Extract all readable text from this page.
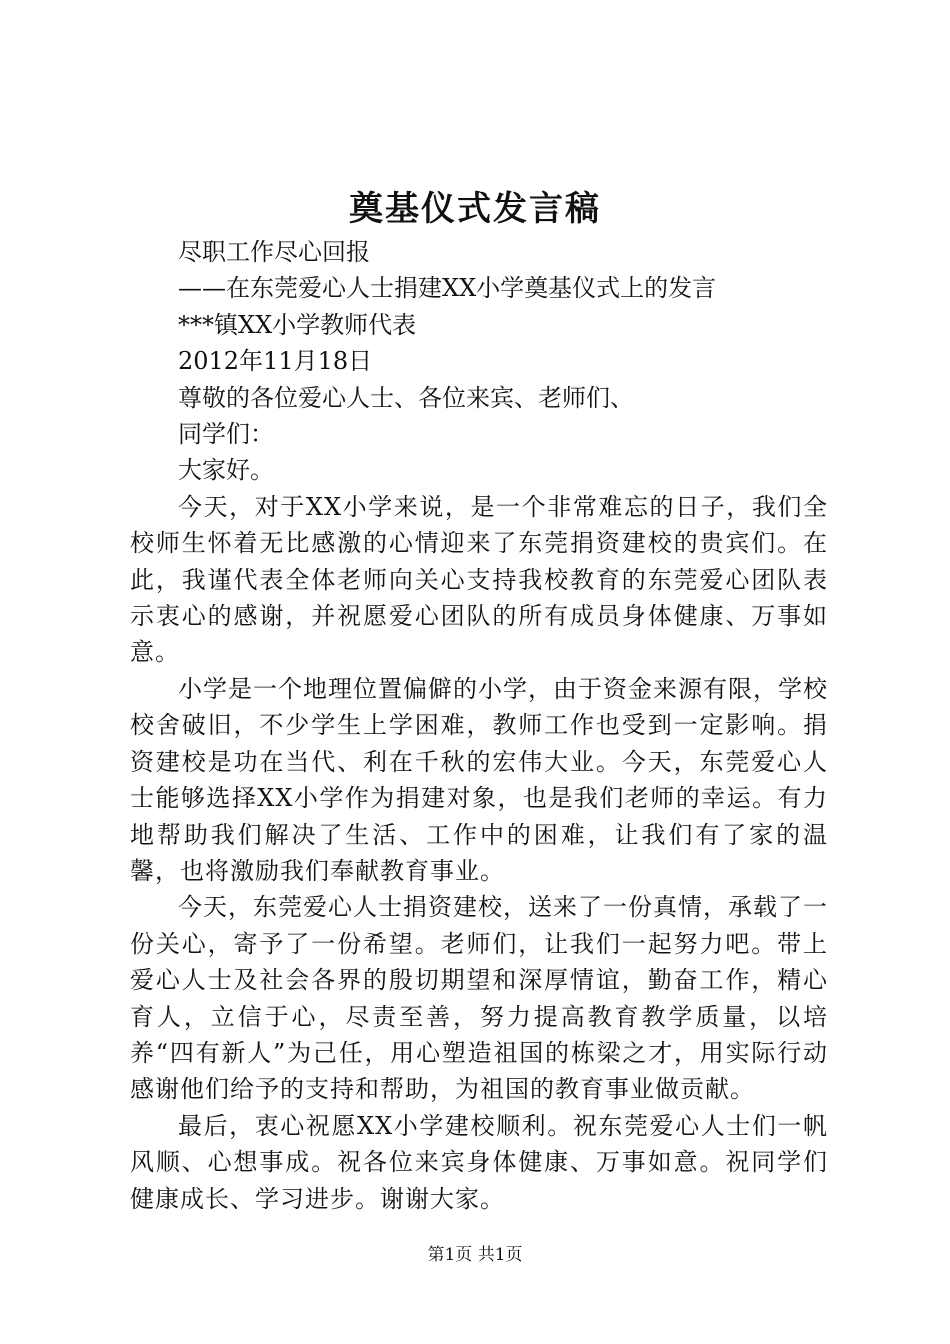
奠基仪式发言稿

尽职工作尽心回报

——在东莞爱心人士捐建XX小学奠基仪式上的发言

***镇XX小学教师代表

2012年11月18日

尊敬的各位爱心人士、各位来宾、老师们、

同学们：

大家好。

今天，对于XX小学来说，是一个非常难忘的日子，我们全校师生怀着无比感激的心情迎来了东莞捐资建校的贵宾们。在此，我谨代表全体老师向关心支持我校教育的东莞爱心团队表示衷心的感谢，并祝愿爱心团队的所有成员身体健康、万事如意。

小学是一个地理位置偏僻的小学，由于资金来源有限，学校校舍破旧，不少学生上学困难，教师工作也受到一定影响。捐资建校是功在当代、利在千秋的宏伟大业。今天，东莞爱心人士能够选择XX小学作为捐建对象，也是我们老师的幸运。有力地帮助我们解决了生活、工作中的困难，让我们有了家的温馨，也将激励我们奉献教育事业。

今天，东莞爱心人士捐资建校，送来了一份真情，承载了一份关心，寄予了一份希望。老师们，让我们一起努力吧。带上爱心人士及社会各界的殷切期望和深厚情谊，勤奋工作，精心育人，立信于心，尽责至善，努力提高教育教学质量，以培养“四有新人”为己任，用心塑造祖国的栋梁之才，用实际行动感谢他们给予的支持和帮助，为祖国的教育事业做贡献。

最后，衷心祝愿XX小学建校顺利。祝东莞爱心人士们一帆风顺、心想事成。祝各位来宾身体健康、万事如意。祝同学们健康成长、学习进步。谢谢大家。

第1页 共1页
